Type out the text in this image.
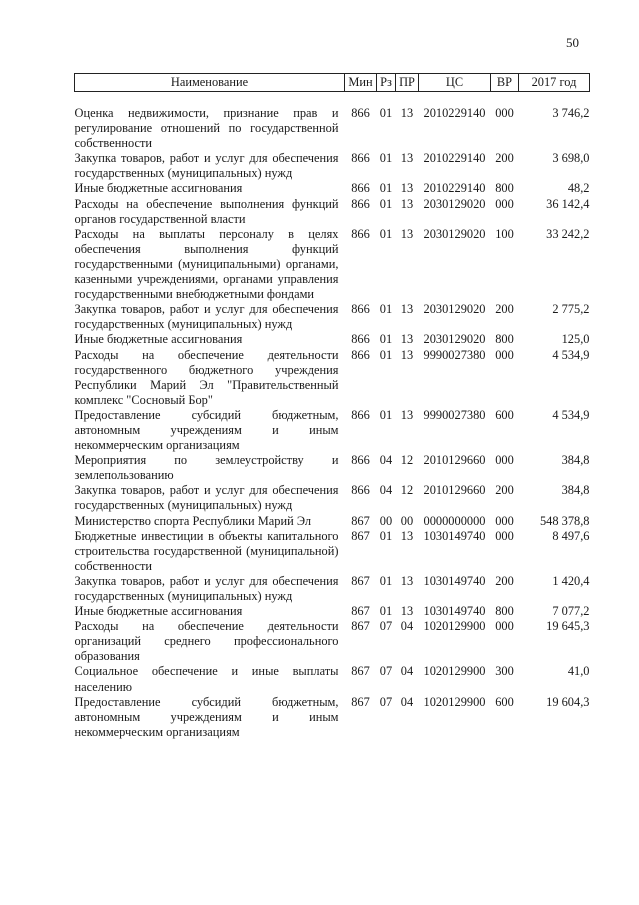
50
Наименование	Мин	Рз	ПР	ЦС	ВР	2017 год
Оценка недвижимости, признание прав и регулирование отношений по государственной собственности	866	01	13	2010229140	000	3 746,2
Закупка товаров, работ и услуг для обеспечения государственных (муниципальных) нужд	866	01	13	2010229140	200	3 698,0
Иные бюджетные ассигнования	866	01	13	2010229140	800	48,2
Расходы на обеспечение выполнения функций органов государственной власти	866	01	13	2030129020	000	36 142,4
Расходы на выплаты персоналу в целях обеспечения выполнения функций государственными (муниципальными) органами, казенными учреждениями, органами управления государственными внебюджетными фондами	866	01	13	2030129020	100	33 242,2
Закупка товаров, работ и услуг для обеспечения государственных (муниципальных) нужд	866	01	13	2030129020	200	2 775,2
Иные бюджетные ассигнования	866	01	13	2030129020	800	125,0
Расходы на обеспечение деятельности государственного бюджетного учреждения Республики Марий Эл "Правительственный комплекс "Сосновый Бор"	866	01	13	9990027380	000	4 534,9
Предоставление субсидий бюджетным, автономным учреждениям и иным некоммерческим организациям	866	01	13	9990027380	600	4 534,9
Мероприятия по землеустройству и землепользованию	866	04	12	2010129660	000	384,8
Закупка товаров, работ и услуг для обеспечения государственных (муниципальных) нужд	866	04	12	2010129660	200	384,8
Министерство спорта Республики Марий Эл	867	00	00	0000000000	000	548 378,8
Бюджетные инвестиции в объекты капитального строительства государственной (муниципальной) собственности	867	01	13	1030149740	000	8 497,6
Закупка товаров, работ и услуг для обеспечения государственных (муниципальных) нужд	867	01	13	1030149740	200	1 420,4
Иные бюджетные ассигнования	867	01	13	1030149740	800	7 077,2
Расходы на обеспечение деятельности организаций среднего профессионального образования	867	07	04	1020129900	000	19 645,3
Социальное обеспечение и иные выплаты населению	867	07	04	1020129900	300	41,0
Предоставление субсидий бюджетным, автономным учреждениям и иным некоммерческим организациям	867	07	04	1020129900	600	19 604,3
